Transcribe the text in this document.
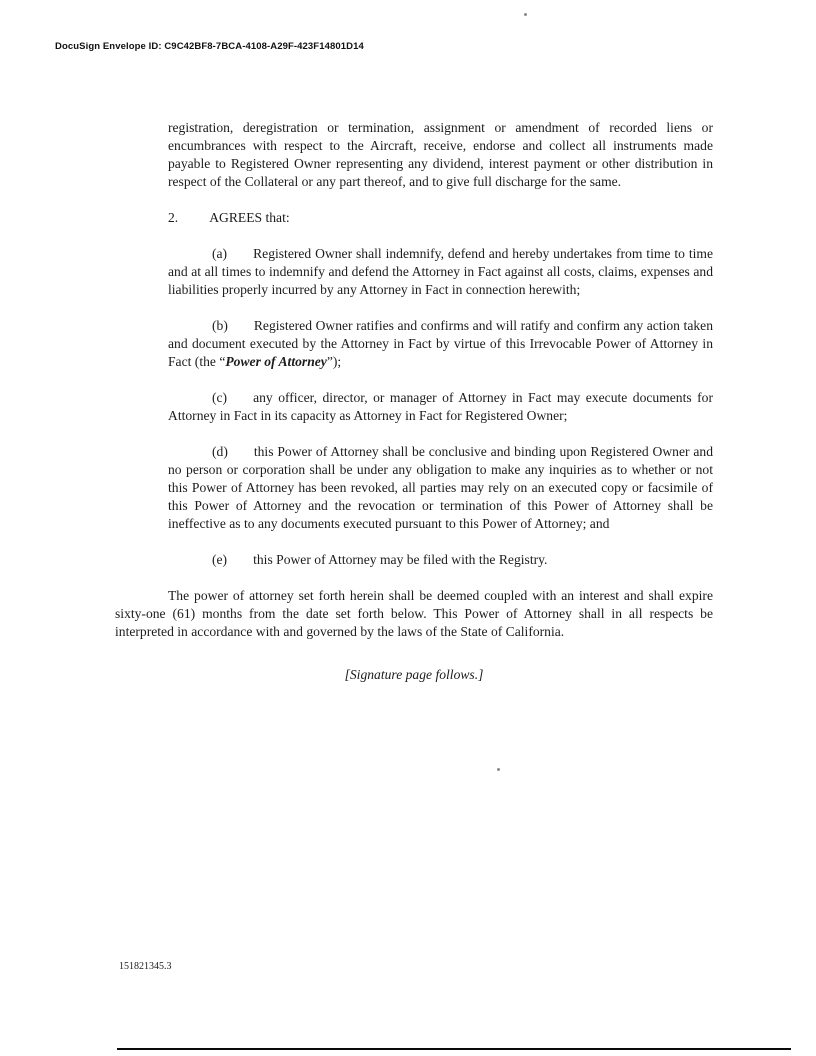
DocuSign Envelope ID: C9C42BF8-7BCA-4108-A29F-423F14801D14

registration, deregistration or termination, assignment or amendment of recorded liens or encumbrances with respect to the Aircraft, receive, endorse and collect all instruments made payable to Registered Owner representing any dividend, interest payment or other distribution in respect of the Collateral or any part thereof, and to give full discharge for the same.

2. AGREES that:

(a) Registered Owner shall indemnify, defend and hereby undertakes from time to time and at all times to indemnify and defend the Attorney in Fact against all costs, claims, expenses and liabilities properly incurred by any Attorney in Fact in connection herewith;

(b) Registered Owner ratifies and confirms and will ratify and confirm any action taken and document executed by the Attorney in Fact by virtue of this Irrevocable Power of Attorney in Fact (the “Power of Attorney”);

(c) any officer, director, or manager of Attorney in Fact may execute documents for Attorney in Fact in its capacity as Attorney in Fact for Registered Owner;

(d) this Power of Attorney shall be conclusive and binding upon Registered Owner and no person or corporation shall be under any obligation to make any inquiries as to whether or not this Power of Attorney has been revoked, all parties may rely on an executed copy or facsimile of this Power of Attorney and the revocation or termination of this Power of Attorney shall be ineffective as to any documents executed pursuant to this Power of Attorney; and

(e) this Power of Attorney may be filed with the Registry.

The power of attorney set forth herein shall be deemed coupled with an interest and shall expire sixty-one (61) months from the date set forth below. This Power of Attorney shall in all respects be interpreted in accordance with and governed by the laws of the State of California.

[Signature page follows.]

151821345.3
